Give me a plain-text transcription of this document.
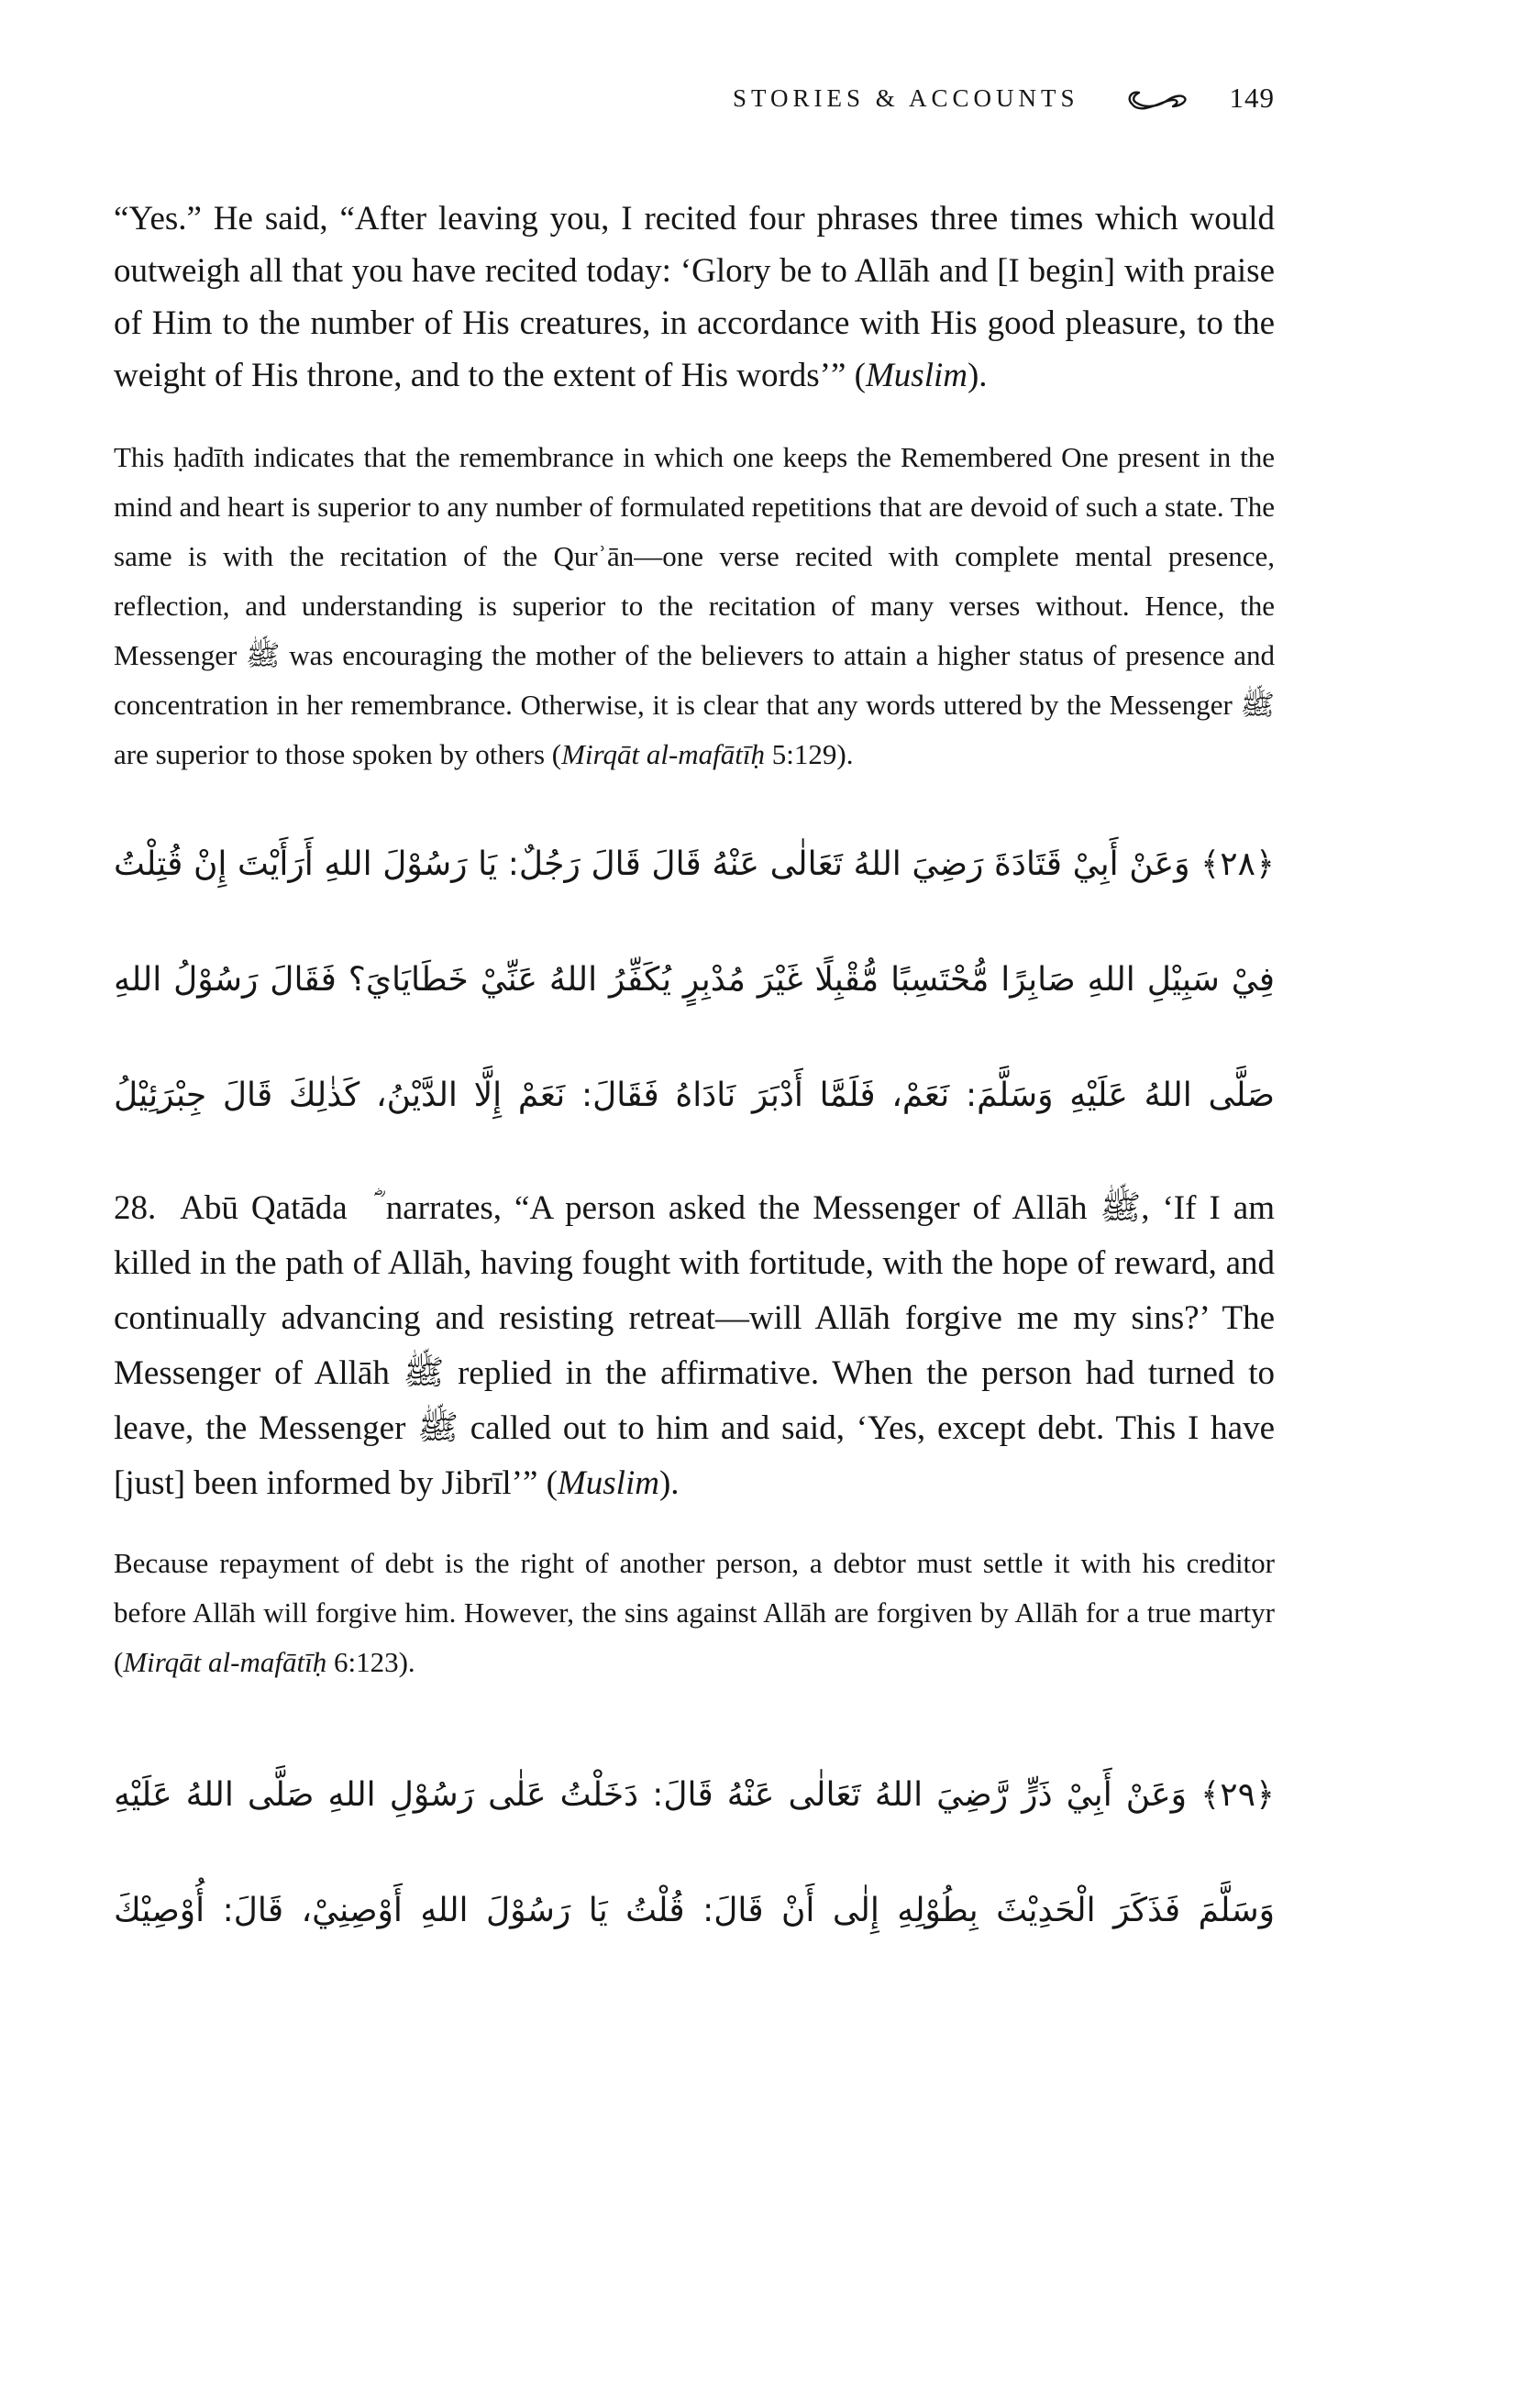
STORIES & ACCOUNTS	149

“Yes.” He said, “After leaving you, I recited four phrases three times which would outweigh all that you have recited today: ‘Glory be to Allāh and [I begin] with praise of Him to the number of His creatures, in accordance with His good pleasure, to the weight of His throne, and to the extent of His words’” (Muslim).

This ḥadīth indicates that the remembrance in which one keeps the Remembered One present in the mind and heart is superior to any number of formulated repetitions that are devoid of such a state. The same is with the recitation of the Qurʾān—one verse recited with complete mental presence, reflection, and understanding is superior to the recitation of many verses without. Hence, the Messenger ﷺ was encouraging the mother of the believers to attain a higher status of presence and concentration in her remembrance. Otherwise, it is clear that any words uttered by the Messenger ﷺ are superior to those spoken by others (Mirqāt al-mafātīḥ 5:129).

﴿٢٨﴾ وَعَنْ أَبِيْ قَتَادَةَ رَضِيَ اللهُ تَعَالٰى عَنْهُ قَالَ قَالَ رَجُلٌ: يَا رَسُوْلَ اللهِ أَرَأَيْتَ إِنْ قُتِلْتُ
فِيْ سَبِيْلِ اللهِ صَابِرًا مُّحْتَسِبًا مُّقْبِلًا غَيْرَ مُدْبِرٍ يُكَفِّرُ اللهُ عَنِّيْ خَطَايَايَ؟ فَقَالَ رَسُوْلُ اللهِ
صَلَّى اللهُ عَلَيْهِ وَسَلَّمَ: نَعَمْ، فَلَمَّا أَدْبَرَ نَادَاهُ فَقَالَ: نَعَمْ إِلَّا الدَّيْنُ، كَذٰلِكَ قَالَ جِبْرَئِيْلُ

28.  Abū Qatāda  ؓ narrates, “A person asked the Messenger of Allāh ﷺ, ‘If I am killed in the path of Allāh, having fought with fortitude, with the hope of reward, and continually advancing and resisting retreat—will Allāh forgive me my sins?’ The Messenger of Allāh ﷺ replied in the affirmative. When the person had turned to leave, the Messenger ﷺ called out to him and said, ‘Yes, except debt. This I have [just] been informed by Jibrīl’” (Muslim).

Because repayment of debt is the right of another person, a debtor must settle it with his creditor before Allāh will forgive him. However, the sins against Allāh are forgiven by Allāh for a true martyr (Mirqāt al-mafātīḥ 6:123).

﴿٢٩﴾ وَعَنْ أَبِيْ ذَرٍّ رَّضِيَ اللهُ تَعَالٰى عَنْهُ قَالَ: دَخَلْتُ عَلٰى رَسُوْلِ اللهِ صَلَّى اللهُ عَلَيْهِ
وَسَلَّمَ فَذَكَرَ الْحَدِيْثَ بِطُوْلِهِ إِلٰى أَنْ قَالَ: قُلْتُ يَا رَسُوْلَ اللهِ أَوْصِنِيْ، قَالَ: أُوْصِيْكَ
